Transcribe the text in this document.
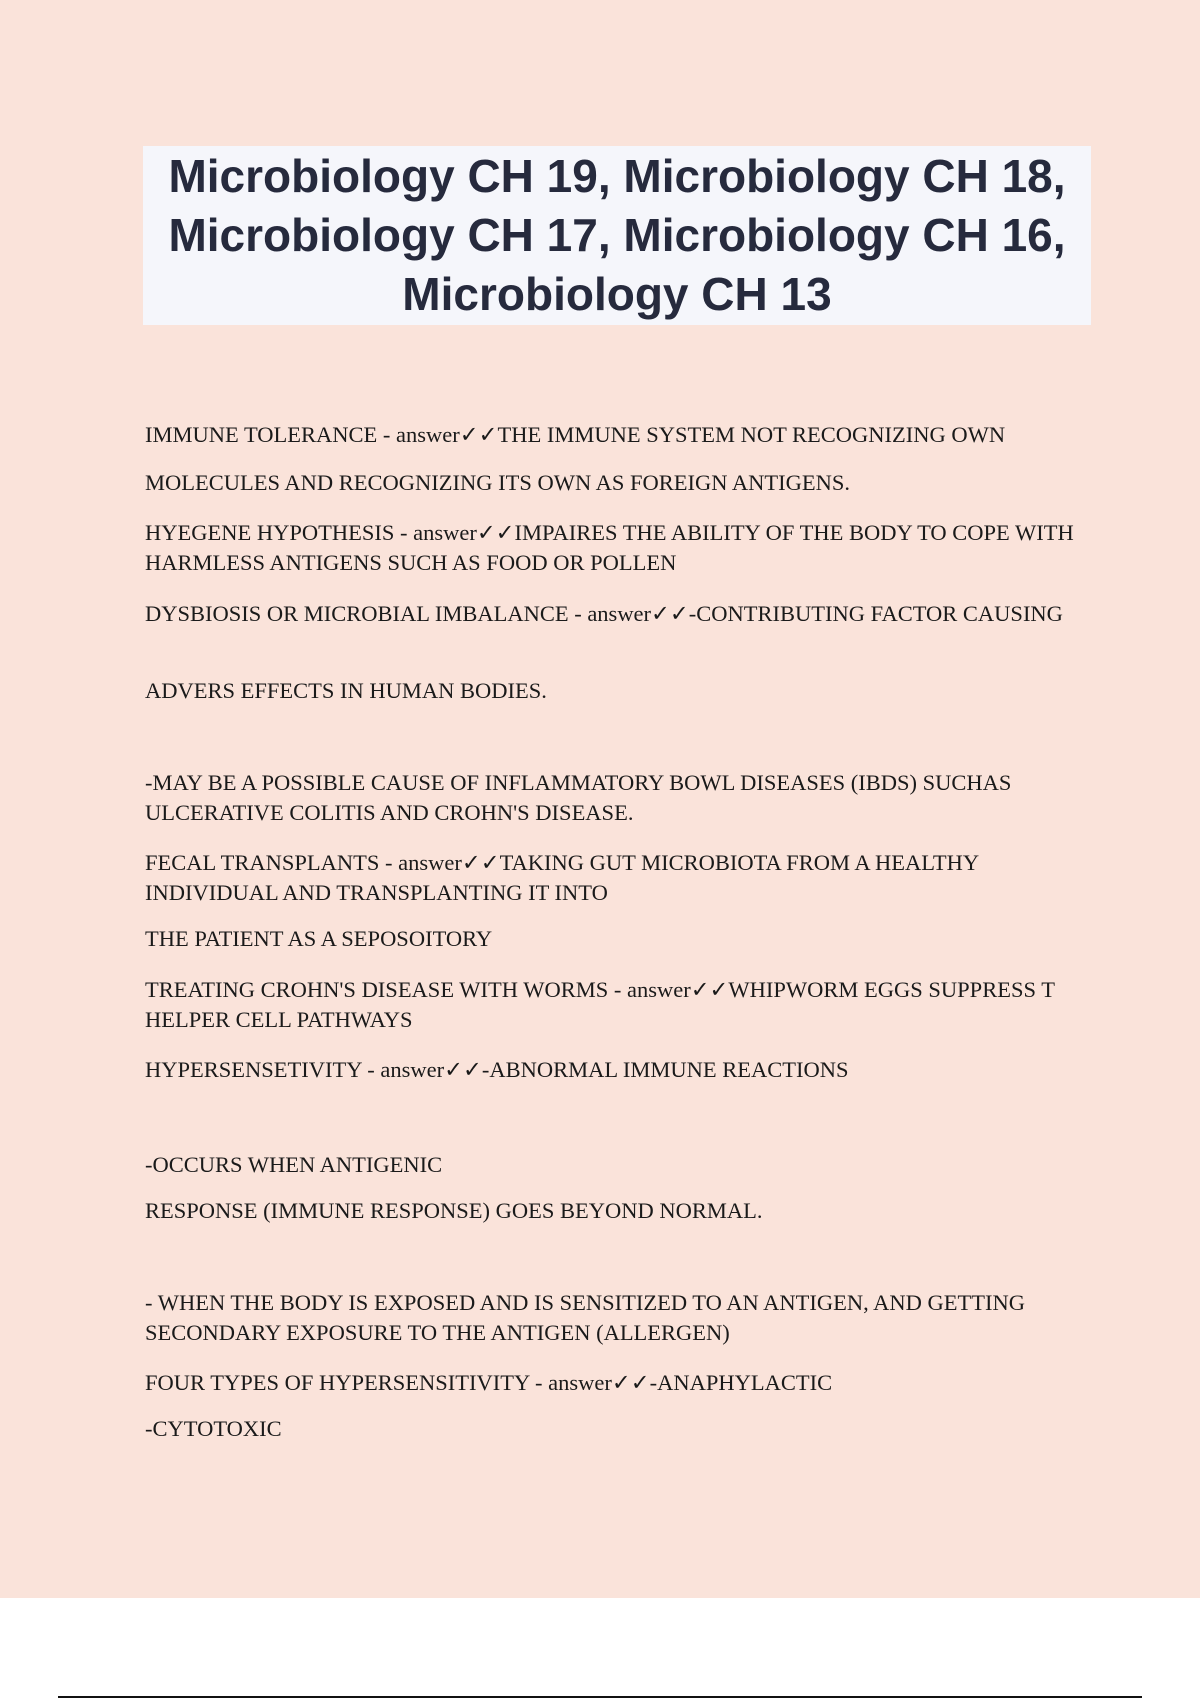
Microbiology CH 19, Microbiology CH 18, Microbiology CH 17, Microbiology CH 16, Microbiology CH 13

IMMUNE TOLERANCE - answer✓✓THE IMMUNE SYSTEM NOT RECOGNIZING OWN

MOLECULES AND RECOGNIZING ITS OWN AS FOREIGN ANTIGENS.

HYEGENE HYPOTHESIS - answer✓✓IMPAIRES THE ABILITY OF THE BODY TO COPE WITH HARMLESS ANTIGENS SUCH AS FOOD OR POLLEN

DYSBIOSIS OR MICROBIAL IMBALANCE - answer✓✓-CONTRIBUTING FACTOR CAUSING

ADVERS EFFECTS IN HUMAN BODIES.

-MAY BE A POSSIBLE CAUSE OF INFLAMMATORY BOWL DISEASES (IBDS) SUCHAS ULCERATIVE COLITIS AND CROHN'S DISEASE.

FECAL TRANSPLANTS - answer✓✓TAKING GUT MICROBIOTA FROM A HEALTHY INDIVIDUAL AND TRANSPLANTING IT INTO

THE PATIENT AS A SEPOSOITORY

TREATING CROHN'S DISEASE WITH WORMS - answer✓✓WHIPWORM EGGS SUPPRESS T HELPER CELL PATHWAYS

HYPERSENSETIVITY - answer✓✓-ABNORMAL IMMUNE REACTIONS

-OCCURS WHEN ANTIGENIC

RESPONSE (IMMUNE RESPONSE) GOES BEYOND NORMAL.

- WHEN THE BODY IS EXPOSED AND IS SENSITIZED TO AN ANTIGEN, AND GETTING SECONDARY EXPOSURE TO THE ANTIGEN (ALLERGEN)

FOUR TYPES OF HYPERSENSITIVITY - answer✓✓-ANAPHYLACTIC

-CYTOTOXIC
